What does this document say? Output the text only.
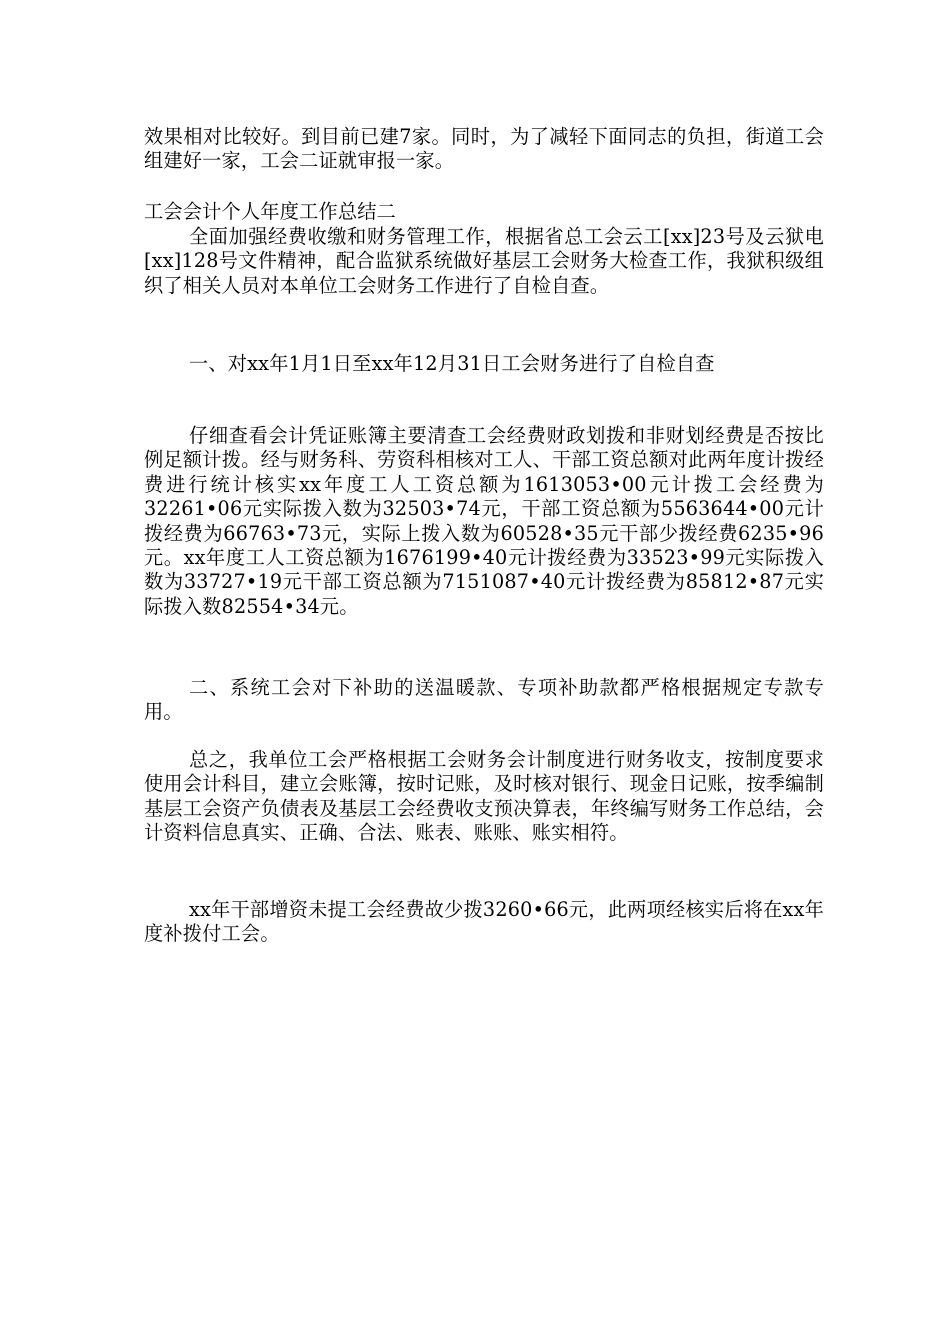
效果相对比较好。到目前已建7家。同时，为了减轻下面同志的负担，街道工会组建好一家，工会二证就审报一家。

工会会计个人年度工作总结二

全面加强经费收缴和财务管理工作，根据省总工会云工[xx]23号及云狱电[xx]128号文件精神，配合监狱系统做好基层工会财务大检查工作，我狱积级组织了相关人员对本单位工会财务工作进行了自检自查。

一、对xx年1月1日至xx年12月31日工会财务进行了自检自查

仔细查看会计凭证账簿主要清查工会经费财政划拨和非财划经费是否按比例足额计拨。经与财务科、劳资科相核对工人、干部工资总额对此两年度计拨经费进行统计核实xx年度工人工资总额为1613053•00元计拨工会经费为32261•06元实际拨入数为32503•74元，干部工资总额为5563644•00元计拨经费为66763•73元，实际上拨入数为60528•35元干部少拨经费6235•96元。xx年度工人工资总额为1676199•40元计拨经费为33523•99元实际拨入数为33727•19元干部工资总额为7151087•40元计拨经费为85812•87元实际拨入数82554•34元。

二、系统工会对下补助的送温暖款、专项补助款都严格根据规定专款专用。

总之，我单位工会严格根据工会财务会计制度进行财务收支，按制度要求使用会计科目，建立会账簿，按时记账，及时核对银行、现金日记账，按季编制基层工会资产负债表及基层工会经费收支预决算表，年终编写财务工作总结，会计资料信息真实、正确、合法、账表、账账、账实相符。

xx年干部增资未提工会经费故少拨3260•66元，此两项经核实后将在xx年度补拨付工会。
